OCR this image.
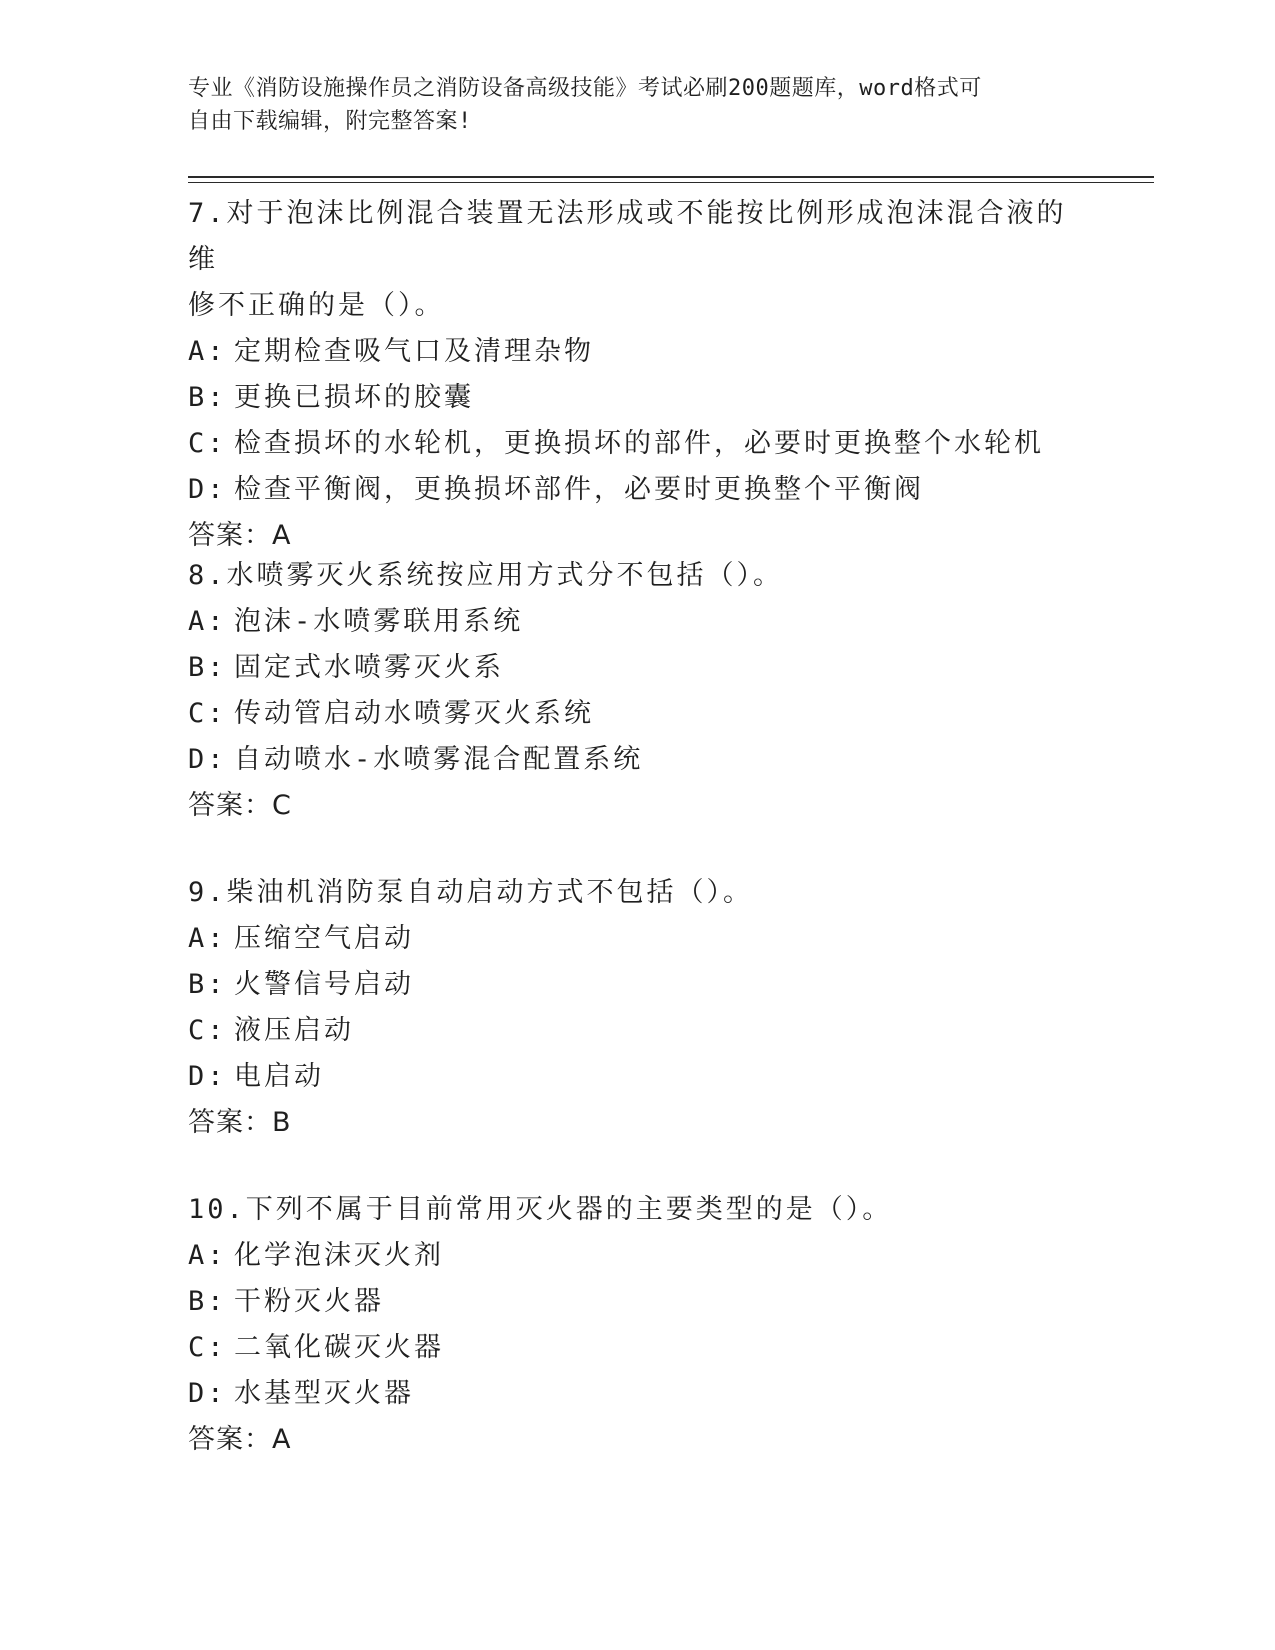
专业《消防设施操作员之消防设备高级技能》考试必刷200题题库，word格式可
自由下载编辑，附完整答案!
7.对于泡沫比例混合装置无法形成或不能按比例形成泡沫混合液的维
修不正确的是（）。
A: 定期检查吸气口及清理杂物
B: 更换已损坏的胶囊
C: 检查损坏的水轮机，更换损坏的部件，必要时更换整个水轮机
D: 检查平衡阀，更换损坏部件，必要时更换整个平衡阀
答案：A
8.水喷雾灭火系统按应用方式分不包括（）。
A: 泡沫-水喷雾联用系统
B: 固定式水喷雾灭火系
C: 传动管启动水喷雾灭火系统
D: 自动喷水-水喷雾混合配置系统
答案：C
9.柴油机消防泵自动启动方式不包括（）。
A: 压缩空气启动
B: 火警信号启动
C: 液压启动
D: 电启动
答案：B
10.下列不属于目前常用灭火器的主要类型的是（）。
A: 化学泡沫灭火剂
B: 干粉灭火器
C: 二氧化碳灭火器
D: 水基型灭火器
答案：A
